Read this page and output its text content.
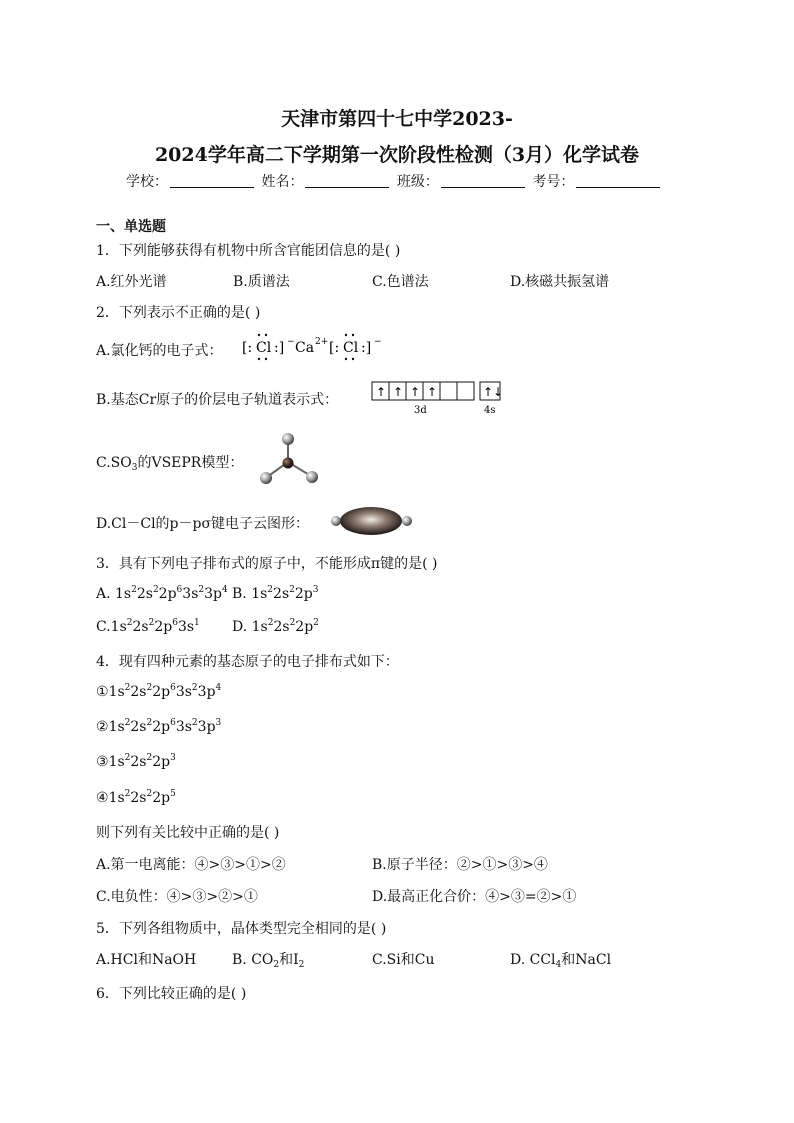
天津市第四十七中学2023-
2024学年高二下学期第一次阶段性检测（3月）化学试卷
学校：	姓名：	班级：	考号：
一、单选题
1．下列能够获得有机物中所含官能团信息的是( )
A.红外光谱	B.质谱法	C.色谱法	D.核磁共振氢谱
2．下列表示不正确的是( )
A.氯化钙的电子式： [: Cl :] − Ca 2+ [: Cl :] −
B.基态Cr原子的价层电子轨道表示式：	↑ ↑ ↑ ↑	↑↓
3d	4s
$C.SO_3$的VSEPR模型：
D.Cl－Cl的p－pσ键电子云图形：
3．具有下列电子排布式的原子中，不能形成π键的是( )
A. $1s^22s^22p^63s^23p^4$ B. $1s^22s^22p^3$
$C.1s^22s^22p^63s^1$ D. $1s^22s^22p^2$
4．现有四种元素的基态原子的电子排布式如下：
$①1s^22s^22p^63s^23p^4$
$②1s^22s^22p^63s^23p^3$
$③1s^22s^22p^3$
$④1s^22s^22p^5$
则下列有关比较中正确的是( )
A.第一电离能：④>③>①>②	B.原子半径：②>①>③>④
C.电负性：④>③>②>①	D.最高正化合价：④>③=②>①
5．下列各组物质中，晶体类型完全相同的是( )
A.HCl和NaOH	B. $CO_2$和$I_2$	C.Si和Cu	D. CCl$_4$和NaCl
6．下列比较正确的是( )
